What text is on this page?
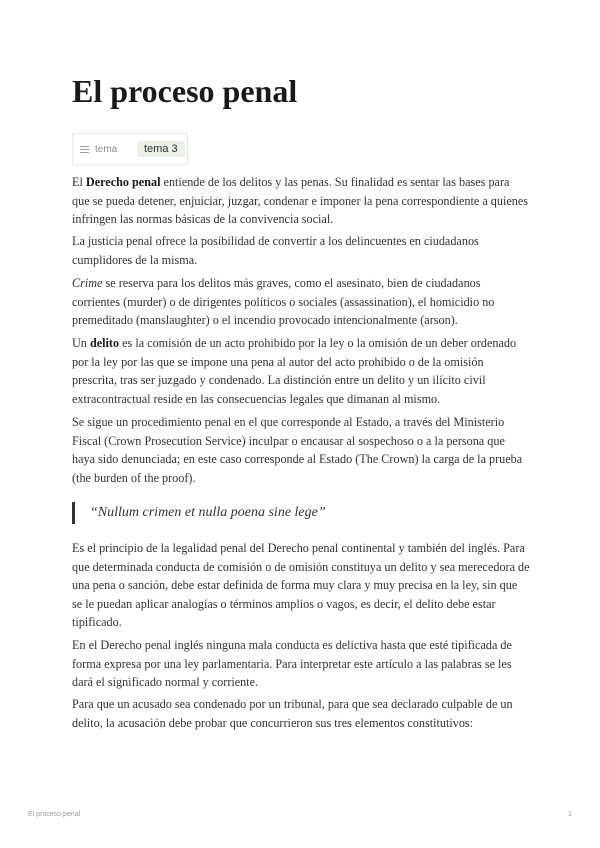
El proceso penal
tema	tema 3

El Derecho penal entiende de los delitos y las penas. Su finalidad es sentar las bases para que se pueda detener, enjuiciar, juzgar, condenar e imponer la pena correspondiente a quienes infringen las normas básicas de la convivencia social.

La justicia penal ofrece la posibilidad de convertir a los delincuentes en ciudadanos cumplidores de la misma.

Crime se reserva para los delitos más graves, como el asesinato, bien de ciudadanos corrientes (murder) o de dirigentes políticos o sociales (assassination), el homicidio no premeditado (manslaughter) o el incendio provocado intencionalmente (arson).

Un delito es la comisión de un acto prohibido por la ley o la omisión de un deber ordenado por la ley por las que se impone una pena al autor del acto prohibido o de la omisión prescrita, tras ser juzgado y condenado. La distinción entre un delito y un ilícito civil extracontractual reside en las consecuencias legales que dimanan al mismo.

Se sigue un procedimiento penal en el que corresponde al Estado, a través del Ministerio Fiscal (Crown Prosecution Service) inculpar o encausar al sospechoso o a la persona que haya sido denunciada; en este caso corresponde al Estado (The Crown) la carga de la prueba (the burden of the proof).

“Nullum crimen et nulla poena sine lege”

Es el principio de la legalidad penal del Derecho penal continental y también del inglés. Para que determinada conducta de comisión o de omisión constituya un delito y sea merecedora de una pena o sanción, debe estar definida de forma muy clara y muy precisa en la ley, sin que se le puedan aplicar analogías o términos amplios o vagos, es decir, el delito debe estar tipificado.

En el Derecho penal inglés ninguna mala conducta es delictiva hasta que esté tipificada de forma expresa por una ley parlamentaria. Para interpretar este artículo a las palabras se les dará el significado normal y corriente.

Para que un acusado sea condenado por un tribunal, para que sea declarado culpable de un delito, la acusación debe probar que concurrieron sus tres elementos constitutivos:

El proceso penal	1
